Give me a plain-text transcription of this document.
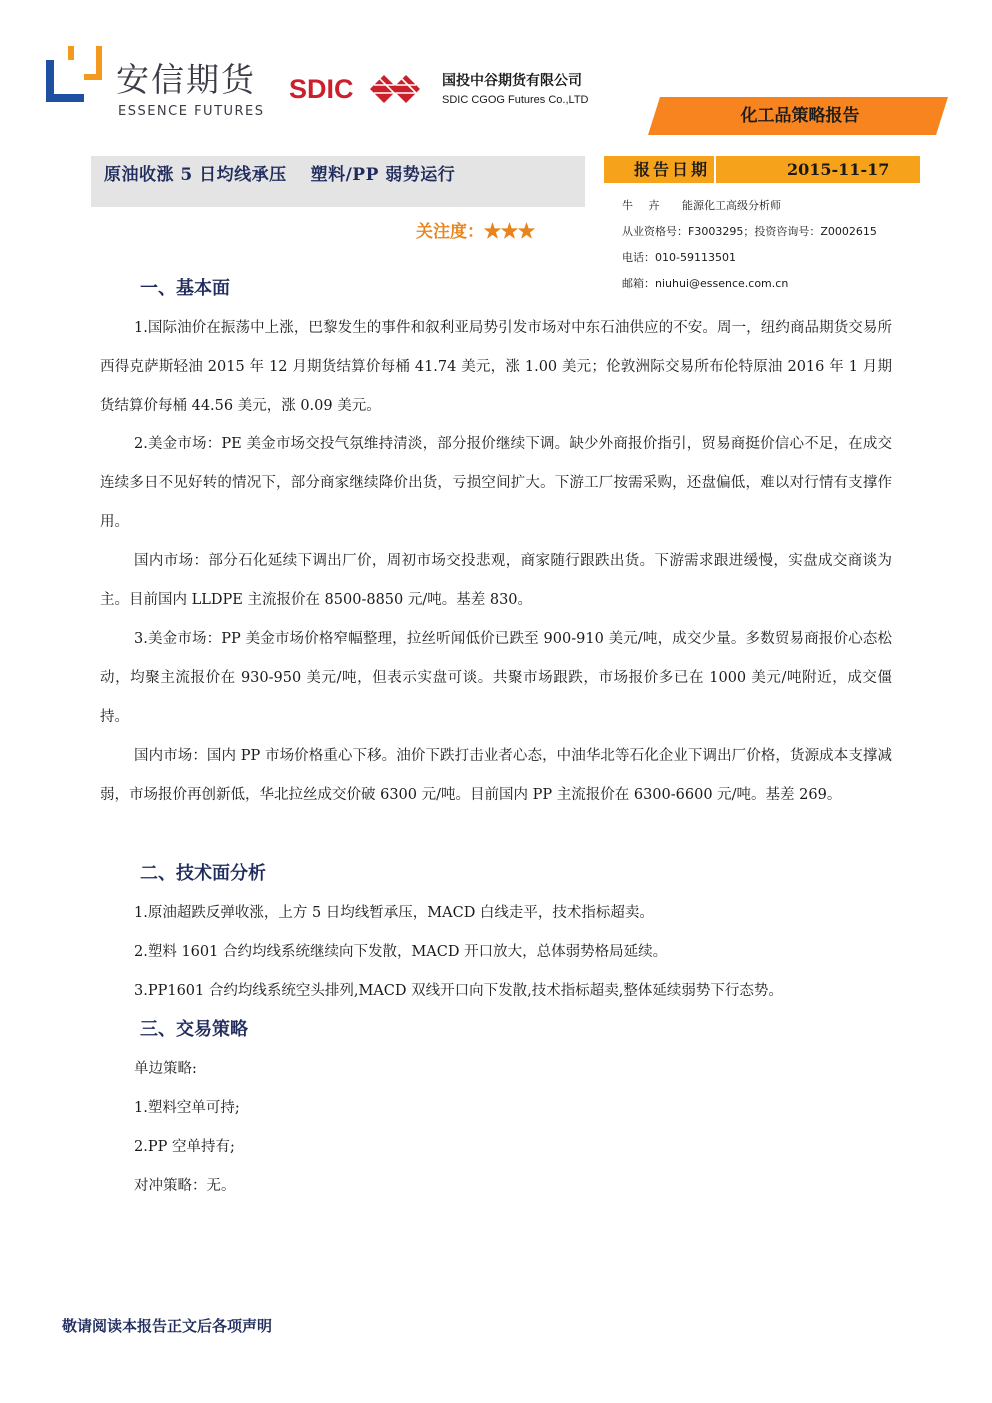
安信期货
ESSENCE FUTURES
SDIC	国投中谷期货有限公司
SDIC CGOG Futures Co.,LTD
化工品策略报告
原油收涨 5 日均线承压　 塑料/PP 弱势运行	报告日期	2015-11-17
牛 卉 能源化工高级分析师
从业资格号：F3003295；投资咨询号：Z0002615
电话：010-59113501
邮箱：niuhui@essence.com.cn
关注度：★★★
一、基本面
1.国际油价在振荡中上涨，巴黎发生的事件和叙利亚局势引发市场对中东石油供应的不安。周一，纽约商品期货交易所西得克萨斯轻油 2015 年 12 月期货结算价每桶 41.74 美元，涨 1.00 美元；伦敦洲际交易所布伦特原油 2016 年 1 月期货结算价每桶 44.56 美元，涨 0.09 美元。
2.美金市场：PE 美金市场交投气氛维持清淡，部分报价继续下调。缺少外商报价指引，贸易商挺价信心不足，在成交连续多日不见好转的情况下，部分商家继续降价出货，亏损空间扩大。下游工厂按需采购，还盘偏低，难以对行情有支撑作用。
国内市场：部分石化延续下调出厂价，周初市场交投悲观，商家随行跟跌出货。下游需求跟进缓慢，实盘成交商谈为主。目前国内 LLDPE 主流报价在 8500-8850 元/吨。基差 830。
3.美金市场：PP 美金市场价格窄幅整理，拉丝听闻低价已跌至 900-910 美元/吨，成交少量。多数贸易商报价心态松动，均聚主流报价在 930-950 美元/吨，但表示实盘可谈。共聚市场跟跌，市场报价多已在 1000 美元/吨附近，成交僵持。
国内市场：国内 PP 市场价格重心下移。油价下跌打击业者心态，中油华北等石化企业下调出厂价格，货源成本支撑减弱，市场报价再创新低，华北拉丝成交价破 6300 元/吨。目前国内 PP 主流报价在 6300-6600 元/吨。基差 269。
二、技术面分析
1.原油超跌反弹收涨，上方 5 日均线暂承压，MACD 白线走平，技术指标超卖。
2.塑料 1601 合约均线系统继续向下发散，MACD 开口放大，总体弱势格局延续。
3.PP1601 合约均线系统空头排列,MACD 双线开口向下发散,技术指标超卖,整体延续弱势下行态势。
三、交易策略
单边策略:
1.塑料空单可持;
2.PP 空单持有;
对冲策略：无。
敬请阅读本报告正文后各项声明
